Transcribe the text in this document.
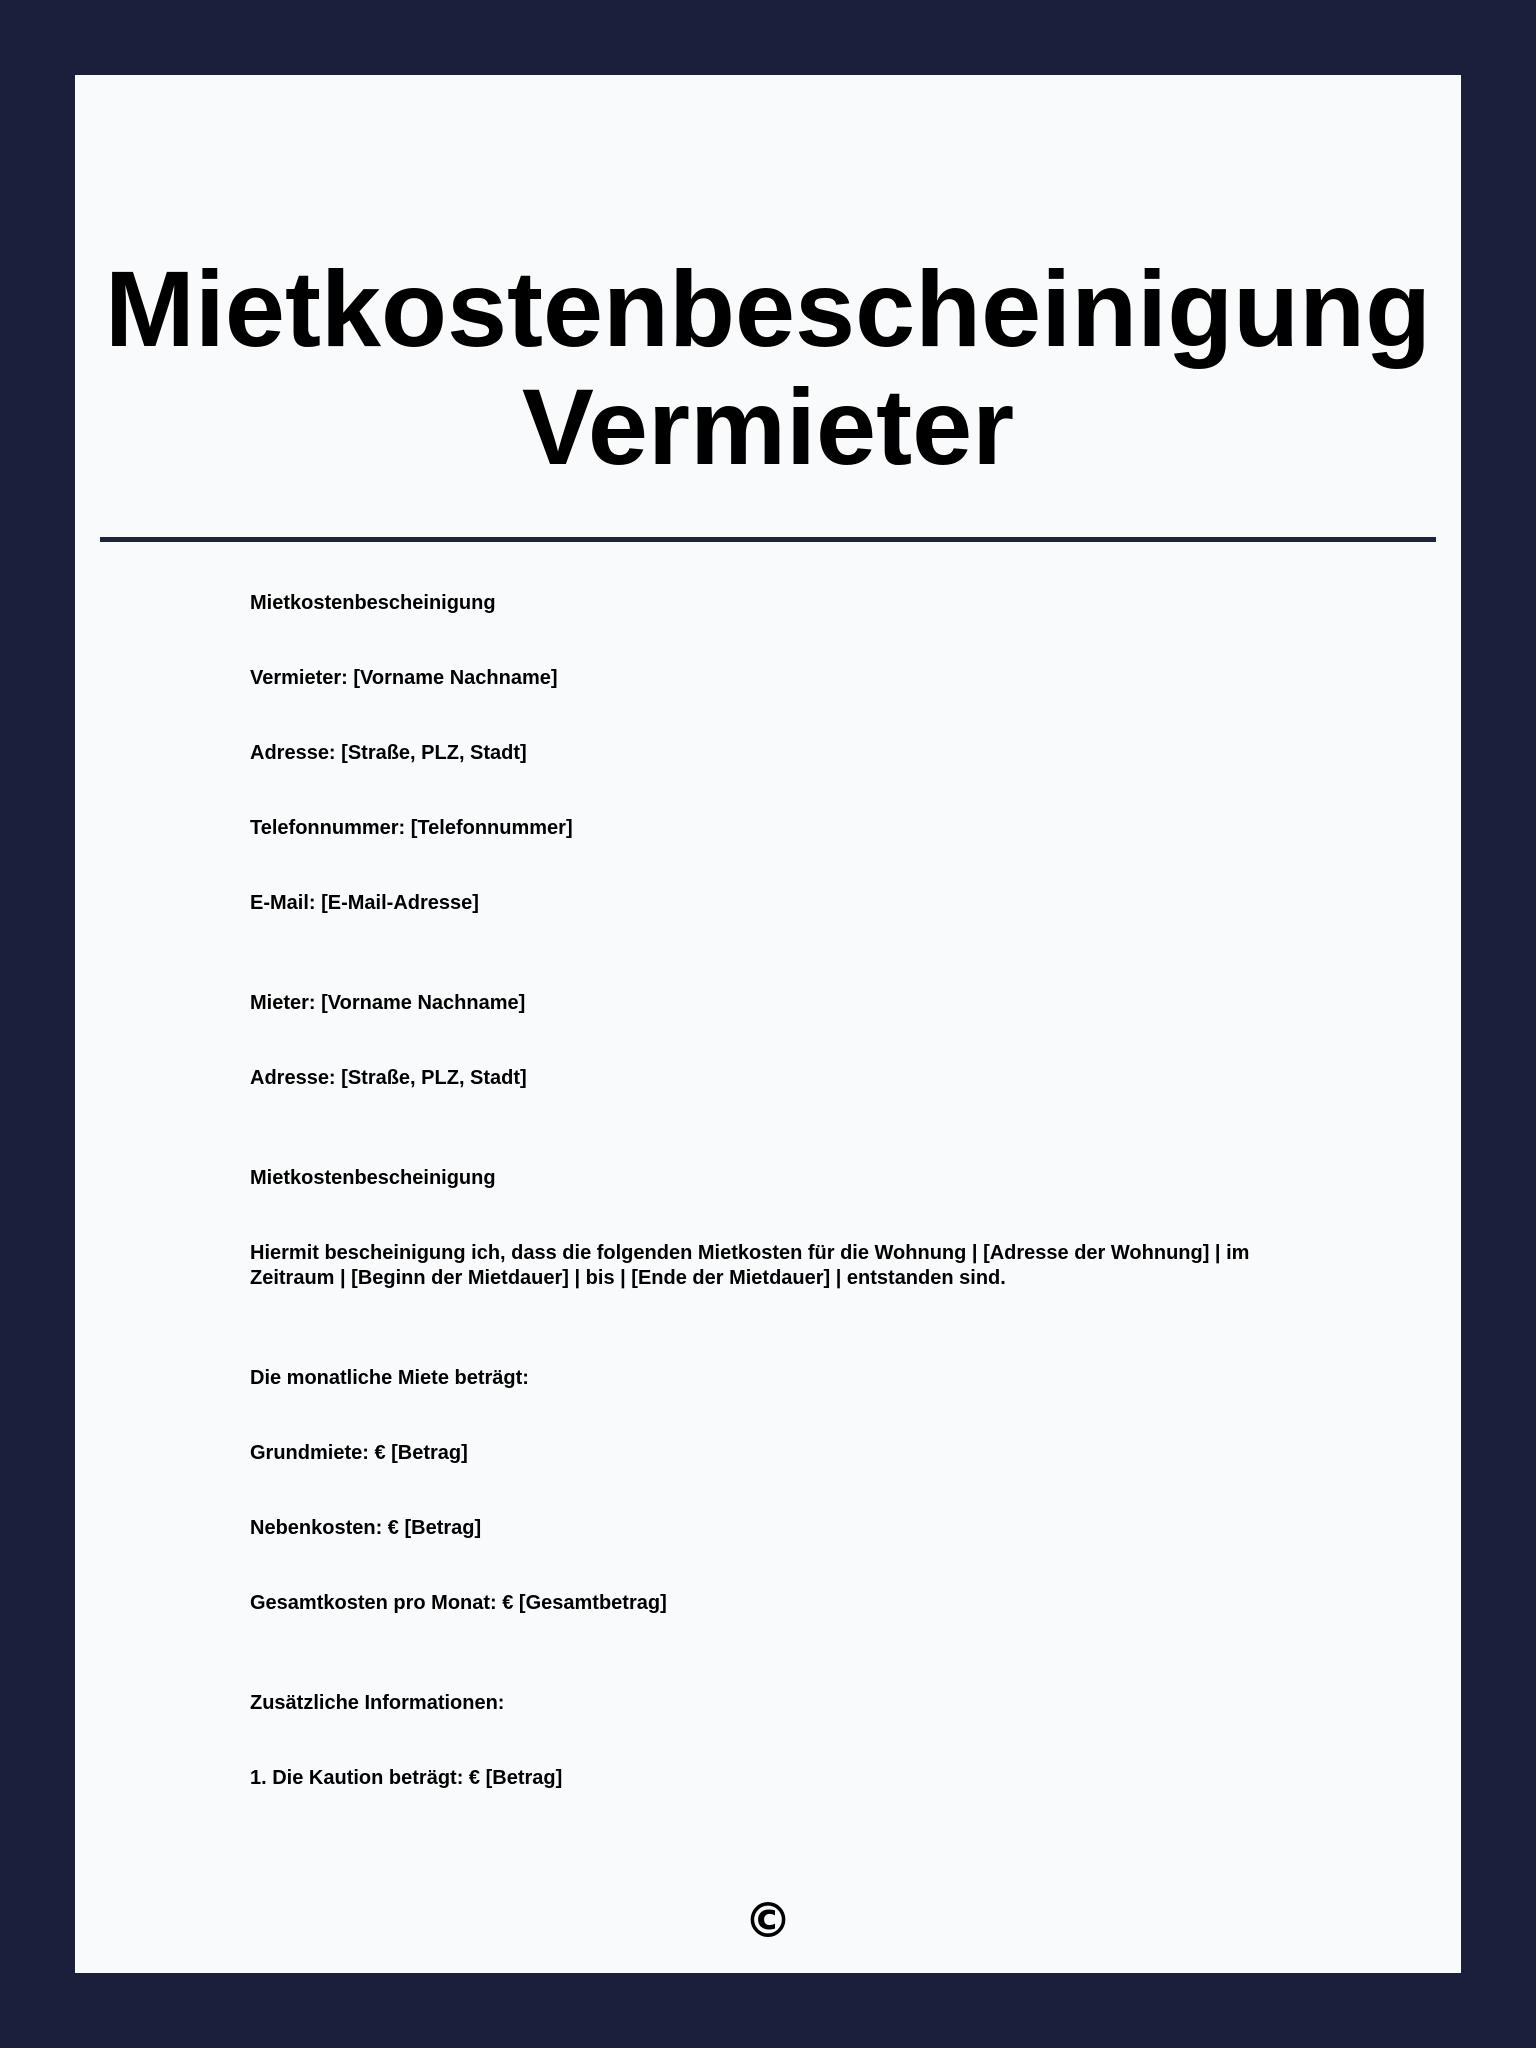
Mietkostenbescheinigung
Vermieter

Mietkostenbescheinigung

Vermieter: [Vorname Nachname]

Adresse: [Straße, PLZ, Stadt]

Telefonnummer: [Telefonnummer]

E-Mail: [E-Mail-Adresse]

Mieter: [Vorname Nachname]

Adresse: [Straße, PLZ, Stadt]

Mietkostenbescheinigung

Hiermit bescheinigung ich, dass die folgenden Mietkosten für die Wohnung | [Adresse der Wohnung] | im
Zeitraum | [Beginn der Mietdauer] | bis | [Ende der Mietdauer] | entstanden sind.

Die monatliche Miete beträgt:

Grundmiete: € [Betrag]

Nebenkosten: € [Betrag]

Gesamtkosten pro Monat: € [Gesamtbetrag]

Zusätzliche Informationen:

1. Die Kaution beträgt: € [Betrag]

©
